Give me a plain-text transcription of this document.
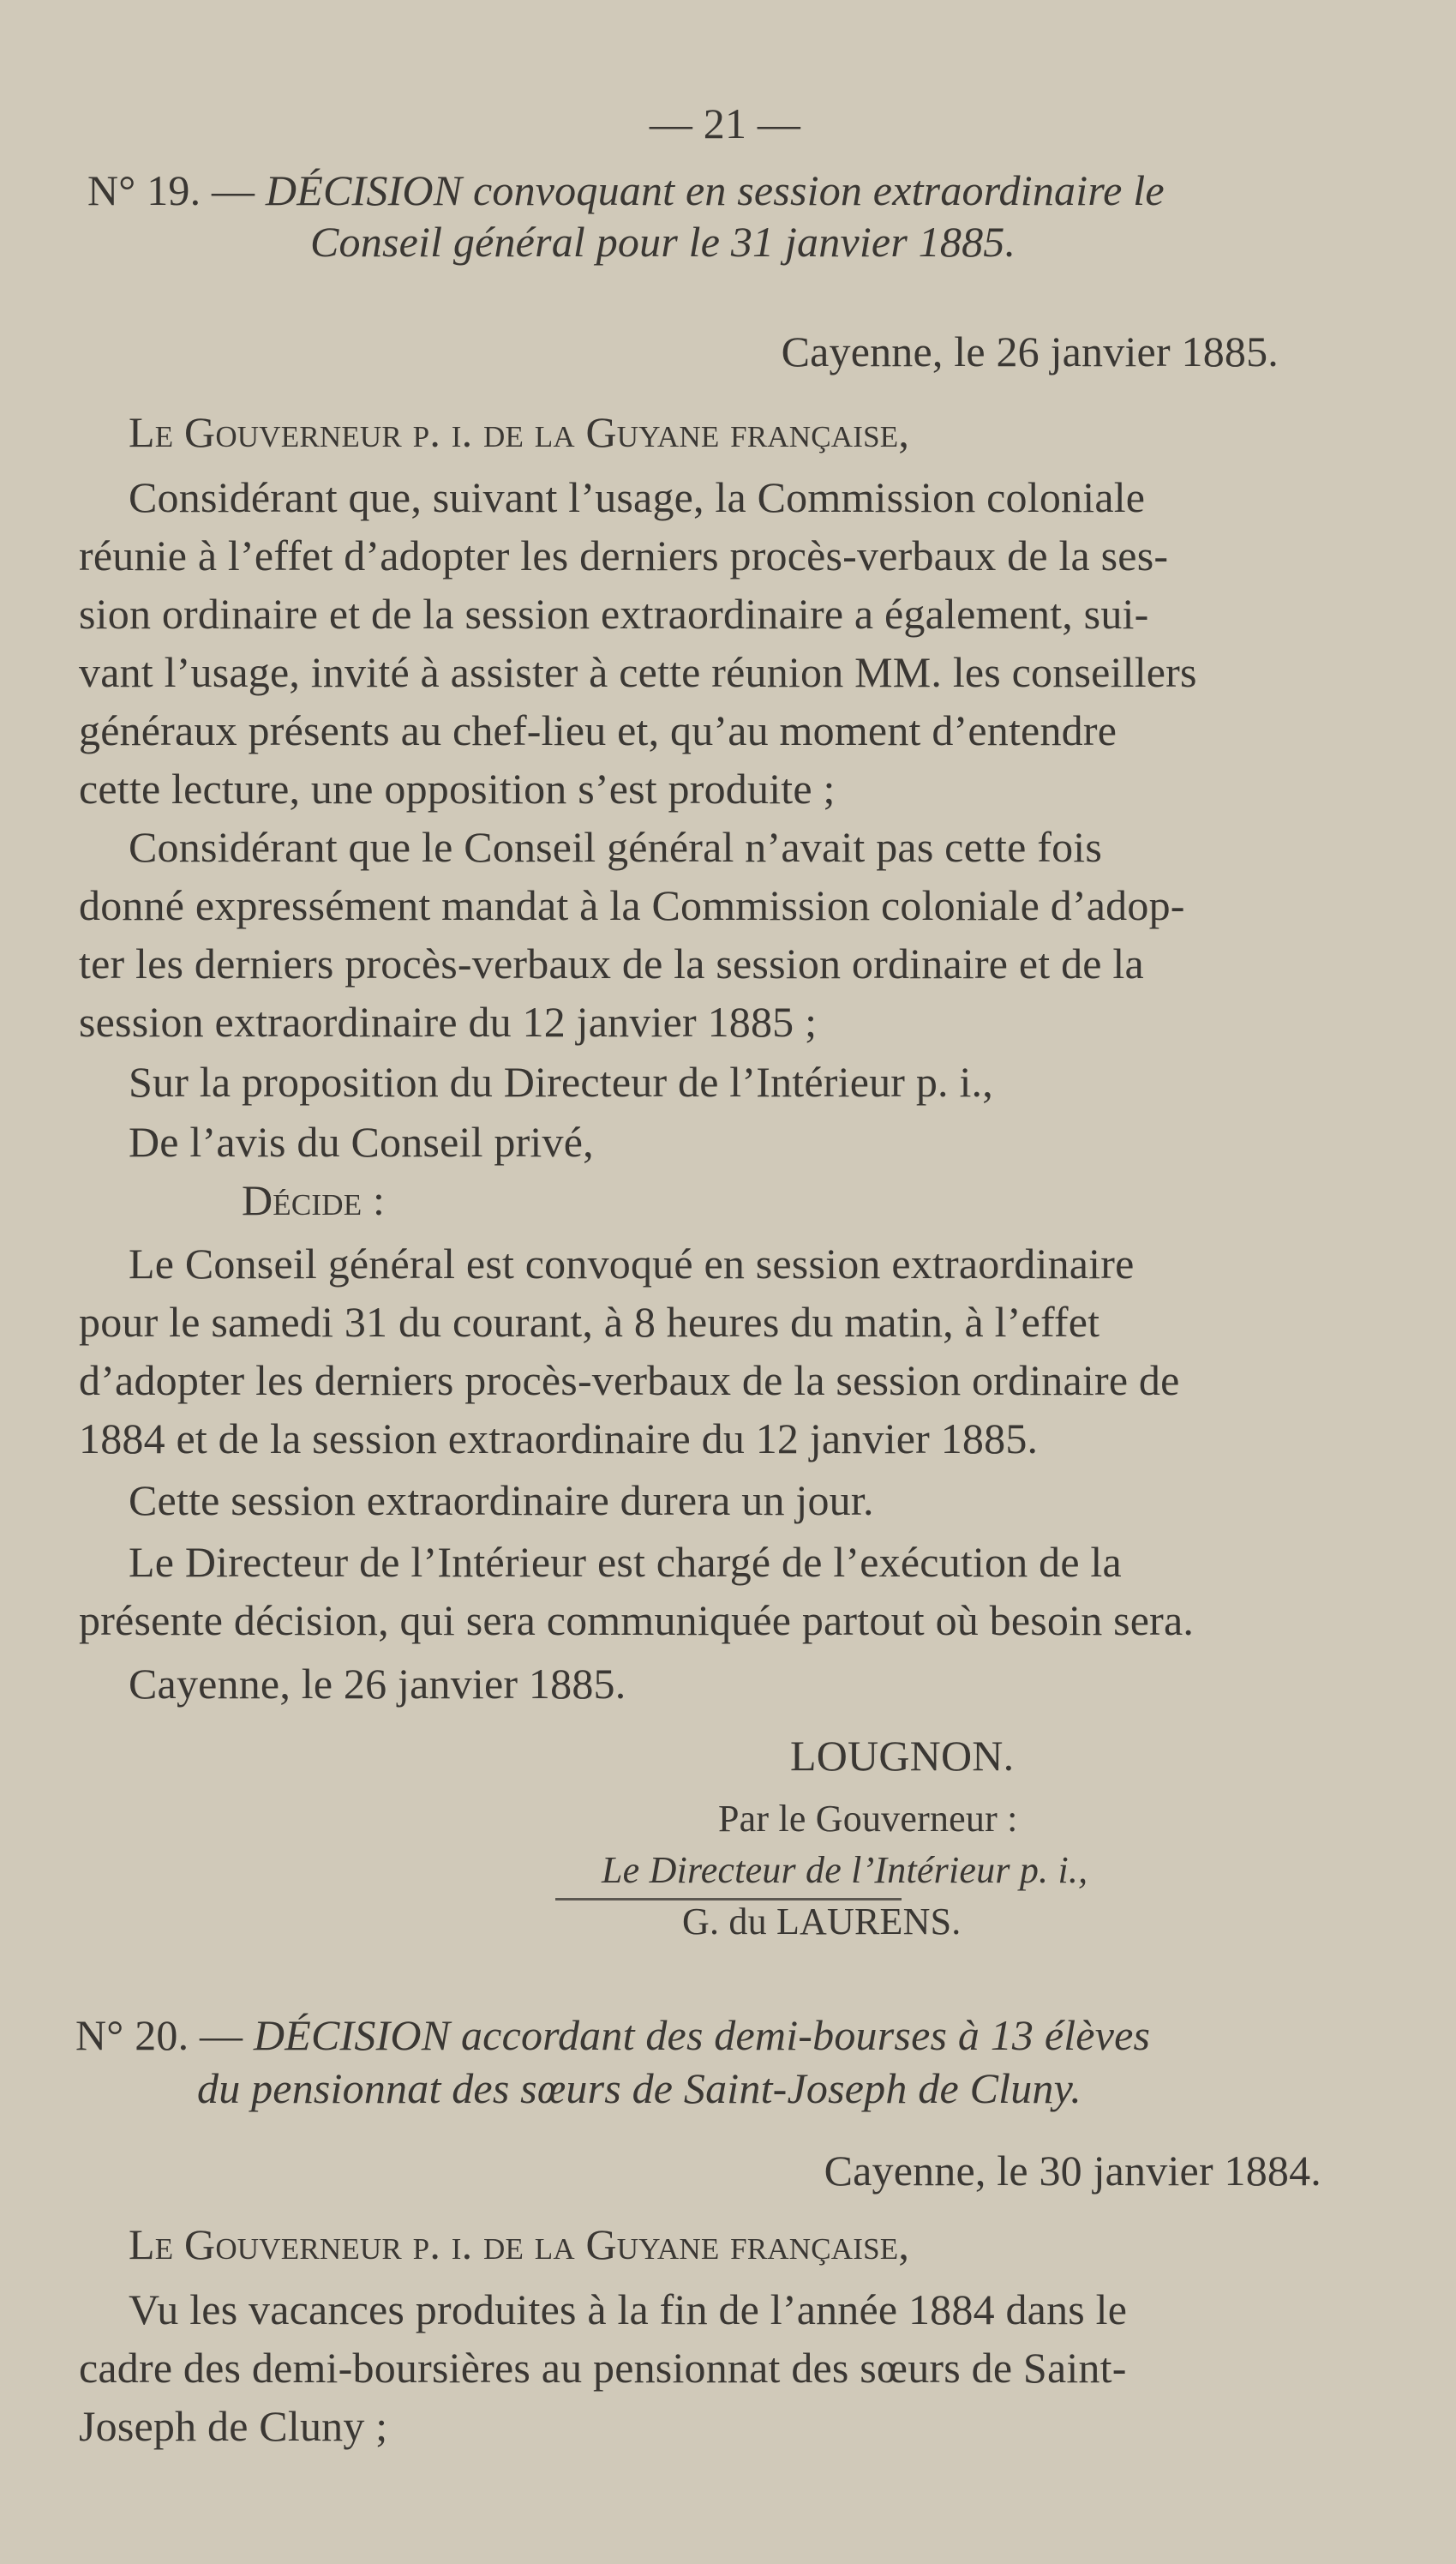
— 21 —
N° 19. — DÉCISION convoquant en session extraordinaire le
Conseil général pour le 31 janvier 1885.
Cayenne, le 26 janvier 1885.
Le Gouverneur p. i. de la Guyane française,
Considérant que, suivant l’usage, la Commission coloniale
réunie à l’effet d’adopter les derniers procès-verbaux de la ses-
sion ordinaire et de la session extraordinaire a également, sui-
vant l’usage, invité à assister à cette réunion MM. les conseillers
généraux présents au chef-lieu et, qu’au moment d’entendre
cette lecture, une opposition s’est produite ;
Considérant que le Conseil général n’avait pas cette fois
donné expressément mandat à la Commission coloniale d’adop-
ter les derniers procès-verbaux de la session ordinaire et de la
session extraordinaire du 12 janvier 1885 ;
Sur la proposition du Directeur de l’Intérieur p. i.,
De l’avis du Conseil privé,
Décide :
Le Conseil général est convoqué en session extraordinaire
pour le samedi 31 du courant, à 8 heures du matin, à l’effet
d’adopter les derniers procès-verbaux de la session ordinaire de
1884 et de la session extraordinaire du 12 janvier 1885.
Cette session extraordinaire durera un jour.
Le Directeur de l’Intérieur est chargé de l’exécution de la
présente décision, qui sera communiquée partout où besoin sera.
Cayenne, le 26 janvier 1885.
LOUGNON.
Par le Gouverneur :
Le Directeur de l’Intérieur p. i.,
G. du LAURENS.
N° 20. — DÉCISION accordant des demi-bourses à 13 élèves
du pensionnat des sœurs de Saint-Joseph de Cluny.
Cayenne, le 30 janvier 1884.
Le Gouverneur p. i. de la Guyane française,
Vu les vacances produites à la fin de l’année 1884 dans le
cadre des demi-boursières au pensionnat des sœurs de Saint-
Joseph de Cluny ;
